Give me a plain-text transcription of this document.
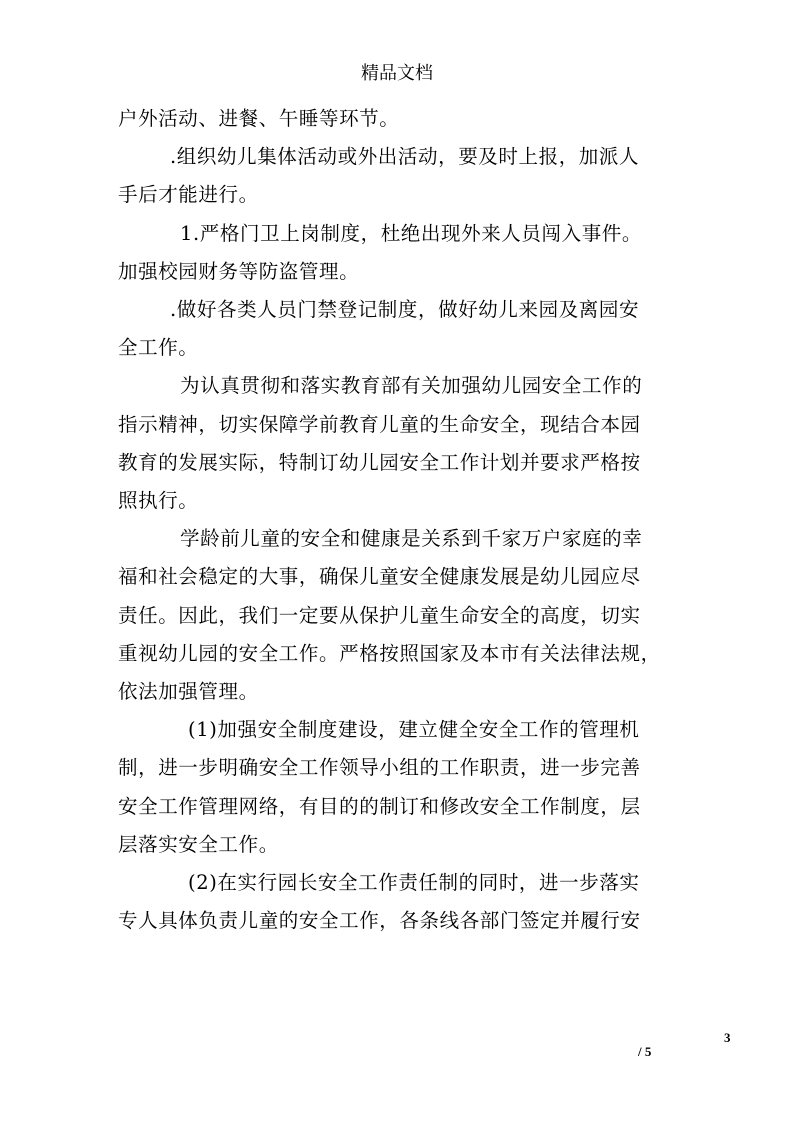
精品文档

户外活动、进餐、午睡等环节。

.组织幼儿集体活动或外出活动，要及时上报，加派人

手后才能进行。

1.严格门卫上岗制度，杜绝出现外来人员闯入事件。

加强校园财务等防盗管理。

.做好各类人员门禁登记制度，做好幼儿来园及离园安

全工作。

为认真贯彻和落实教育部有关加强幼儿园安全工作的

指示精神，切实保障学前教育儿童的生命安全，现结合本园

教育的发展实际，特制订幼儿园安全工作计划并要求严格按

照执行。

学龄前儿童的安全和健康是关系到千家万户家庭的幸

福和社会稳定的大事，确保儿童安全健康发展是幼儿园应尽

责任。因此，我们一定要从保护儿童生命安全的高度，切实

重视幼儿园的安全工作。严格按照国家及本市有关法律法规，

依法加强管理。

(1)加强安全制度建设，建立健全安全工作的管理机

制，进一步明确安全工作领导小组的工作职责，进一步完善

安全工作管理网络，有目的的制订和修改安全工作制度，层

层落实安全工作。

(2)在实行园长安全工作责任制的同时，进一步落实

专人具体负责儿童的安全工作，各条线各部门签定并履行安

3
/ 5
